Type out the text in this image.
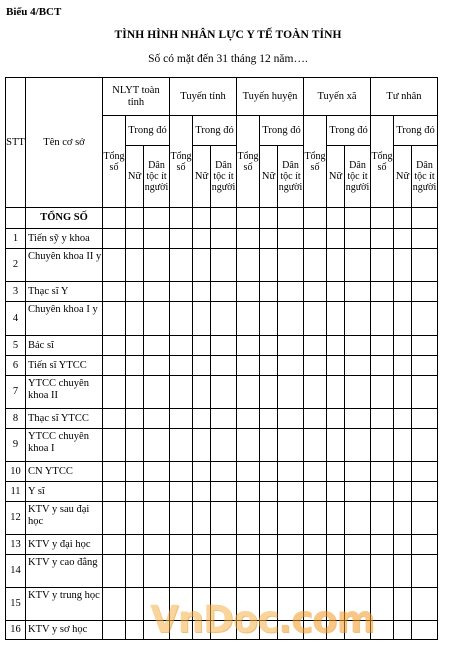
Biểu 4/BCT
TÌNH HÌNH NHÂN LỰC Y TẾ TOÀN TỈNH
Số có mặt đến 31 tháng 12 năm….
STT	Tên cơ sở	NLYT toàn tỉnh			Tuyến tỉnh			Tuyến huyện			Tuyến xã			Tư nhân		
		Tổng số	Trong đó		Tổng số	Trong đó		Tổng số	Trong đó		Tổng số	Trong đó		Tổng số	Trong đó	
			Nữ	Dân tộc ít người		Nữ	Dân tộc ít người		Nữ	Dân tộc ít người		Nữ	Dân tộc ít người		Nữ	Dân tộc ít người
	TỔNG SỐ															
1	Tiến sỹ y khoa															
2	Chuyên khoa II y															
3	Thạc sĩ Y															
4	Chuyên khoa I y															
5	Bác sĩ															
6	Tiến sĩ YTCC															
7	YTCC chuyên khoa II															
8	Thạc sĩ YTCC															
9	YTCC chuyên khoa I															
10	CN YTCC															
11	Y sĩ															
12	KTV y sau đại học															
13	KTV y đại học															
14	KTV y cao đẳng															
15	KTV y trung học															
16	KTV y sơ học															VnDoc.com
